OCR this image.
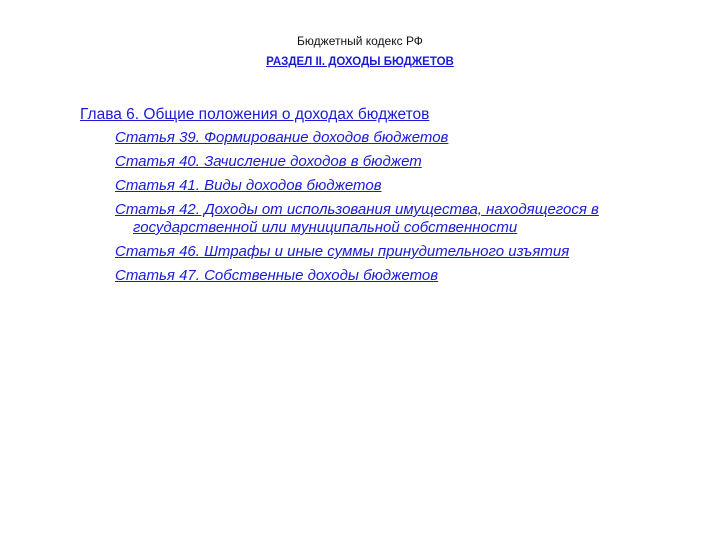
Бюджетный кодекс РФ
РАЗДЕЛ II. ДОХОДЫ БЮДЖЕТОВ
Глава 6. Общие положения о доходах бюджетов
Статья 39. Формирование доходов бюджетов
Статья 40. Зачисление доходов в бюджет
Статья 41. Виды доходов бюджетов
Статья 42. Доходы от использования имущества, находящегося в государственной или муниципальной собственности
Статья 46. Штрафы и иные суммы принудительного изъятия
Статья 47. Собственные доходы бюджетов
